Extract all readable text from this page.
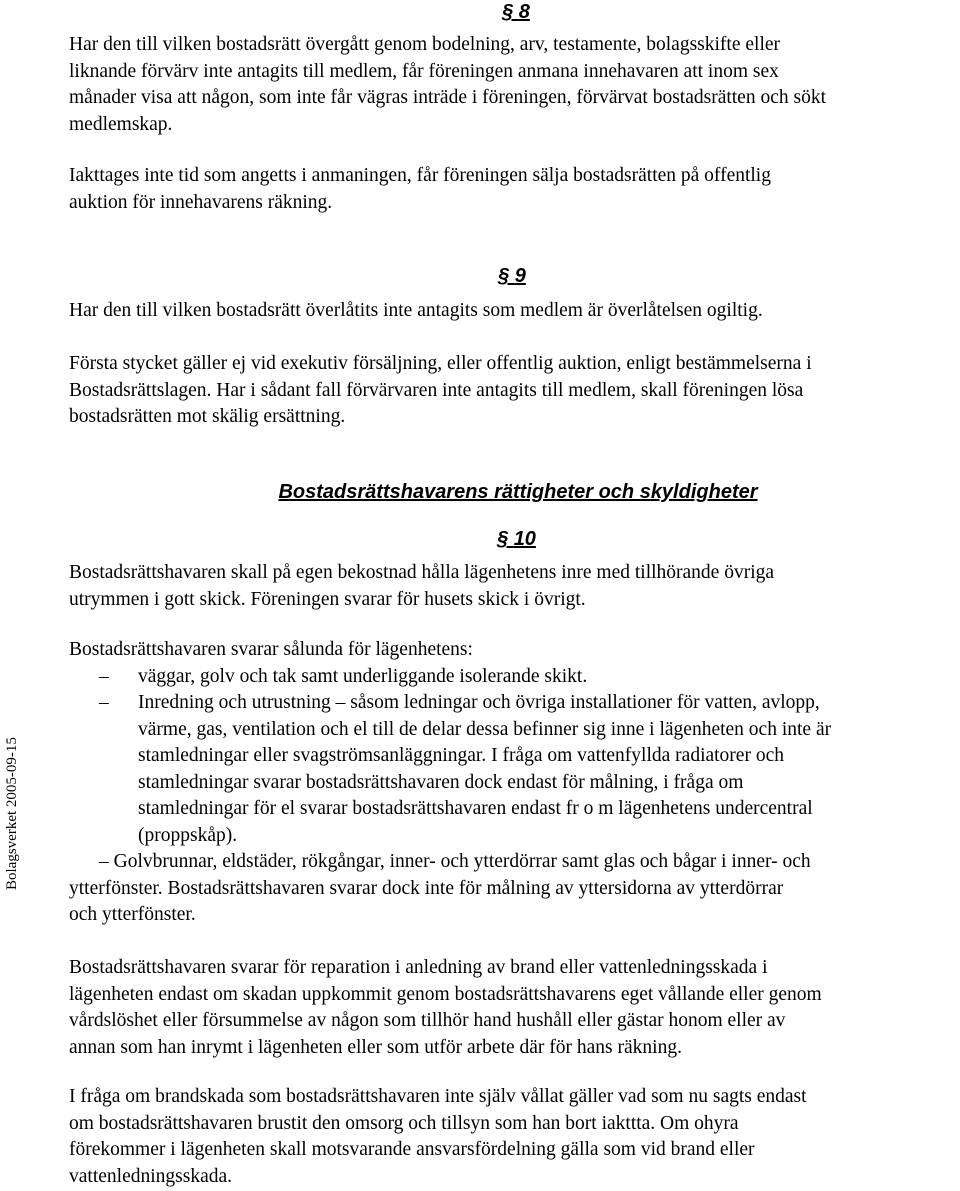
§ 8

Har den till vilken bostadsrätt övergått genom bodelning, arv, testamente, bolagsskifte eller
liknande förvärv inte antagits till medlem, får föreningen anmana innehavaren att inom sex
månader visa att någon, som inte får vägras inträde i föreningen, förvärvat bostadsrätten och sökt
medlemskap.

Iakttages inte tid som angetts i anmaningen, får föreningen sälja bostadsrätten på offentlig
auktion för innehavarens räkning.

§ 9

Har den till vilken bostadsrätt överlåtits inte antagits som medlem är överlåtelsen ogiltig.

Första stycket gäller ej vid exekutiv försäljning, eller offentlig auktion, enligt bestämmelserna i
Bostadsrättslagen. Har i sådant fall förvärvaren inte antagits till medlem, skall föreningen lösa
bostadsrätten mot skälig ersättning.

Bostadsrättshavarens rättigheter och skyldigheter
§ 10

Bostadsrättshavaren skall på egen bekostnad hålla lägenhetens inre med tillhörande övriga
utrymmen i gott skick. Föreningen svarar för husets skick i övrigt.

Bostadsrättshavaren svarar sålunda för lägenhetens:

–	väggar, golv och tak samt underliggande isolerande skikt.
–	Inredning och utrustning – såsom ledningar och övriga installationer för vatten, avlopp,
värme, gas, ventilation och el till de delar dessa befinner sig inne i lägenheten och inte är
stamledningar eller svagströmsanläggningar. I fråga om vattenfyllda radiatorer och
stamledningar svarar bostadsrättshavaren dock endast för målning, i fråga om
stamledningar för el svarar bostadsrättshavaren endast fr o m lägenhetens undercentral
(proppskåp).
– Golvbrunnar, eldstäder, rökgångar, inner- och ytterdörrar samt glas och bågar i inner- och
ytterfönster. Bostadsrättshavaren svarar dock inte för målning av yttersidorna av ytterdörrar
och ytterfönster.

Bostadsrättshavaren svarar för reparation i anledning av brand eller vattenledningsskada i
lägenheten endast om skadan uppkommit genom bostadsrättshavarens eget vållande eller genom
vårdslöshet eller försummelse av någon som tillhör hand hushåll eller gästar honom eller av
annan som han inrymt i lägenheten eller som utför arbete där för hans räkning.

I fråga om brandskada som bostadsrättshavaren inte själv vållat gäller vad som nu sagts endast
om bostadsrättshavaren brustit den omsorg och tillsyn som han bort iakttta. Om ohyra
förekommer i lägenheten skall motsvarande ansvarsfördelning gälla som vid brand eller
vattenledningsskada.

Bolagsverket 2005-09-15
